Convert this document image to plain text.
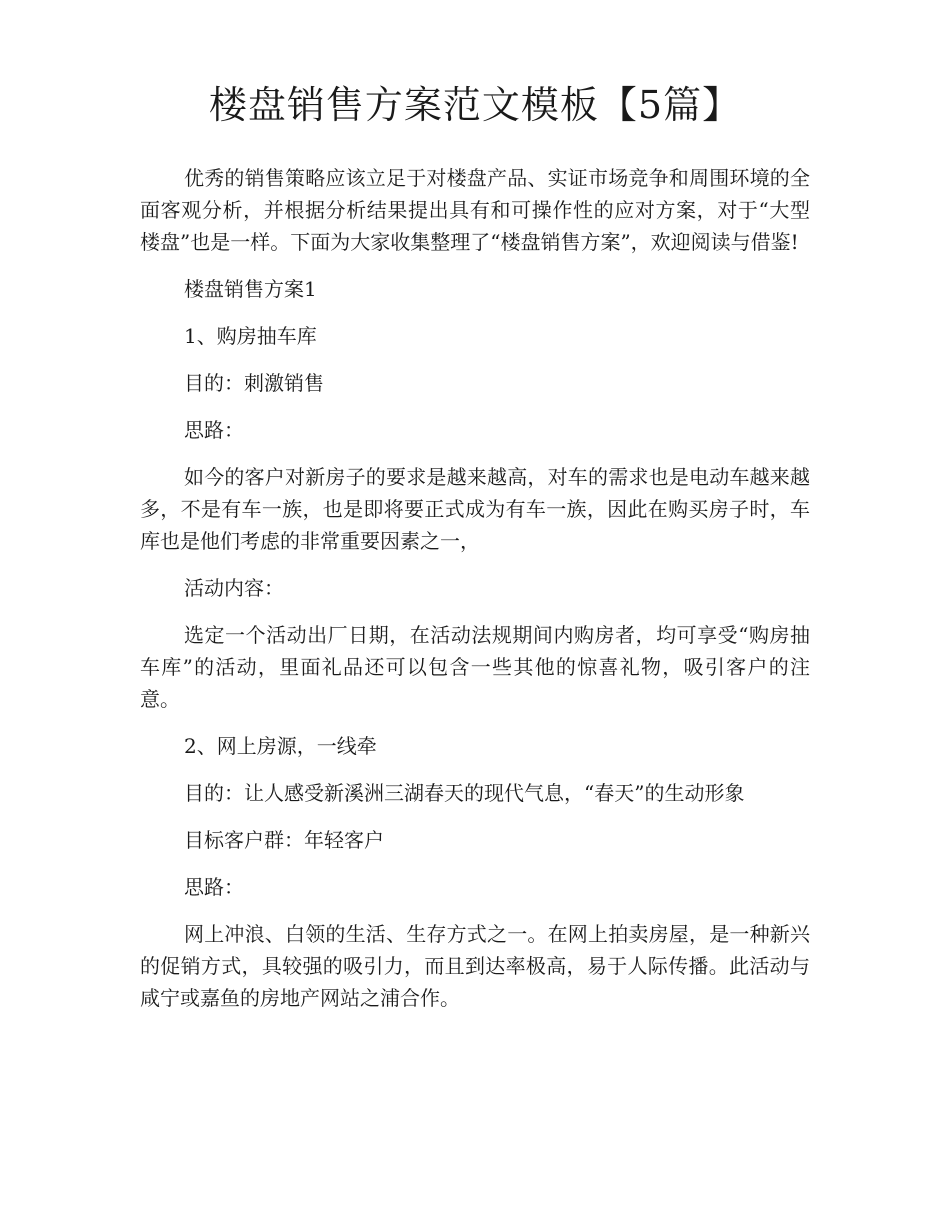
楼盘销售方案范文模板【5篇】

优秀的销售策略应该立足于对楼盘产品、实证市场竞争和周围环境的全面客观分析，并根据分析结果提出具有和可操作性的应对方案，对于“大型楼盘”也是一样。下面为大家收集整理了“楼盘销售方案”，欢迎阅读与借鉴!

楼盘销售方案1

1、购房抽车库

目的：刺激销售

思路：

如今的客户对新房子的要求是越来越高，对车的需求也是电动车越来越多，不是有车一族，也是即将要正式成为有车一族，因此在购买房子时，车库也是他们考虑的非常重要因素之一，

活动内容：

选定一个活动出厂日期，在活动法规期间内购房者，均可享受“购房抽车库”的活动，里面礼品还可以包含一些其他的惊喜礼物，吸引客户的注意。

2、网上房源，一线牵

目的：让人感受新溪洲三湖春天的现代气息，“春天”的生动形象

目标客户群：年轻客户

思路：

网上冲浪、白领的生活、生存方式之一。在网上拍卖房屋，是一种新兴的促销方式，具较强的吸引力，而且到达率极高，易于人际传播。此活动与咸宁或嘉鱼的房地产网站之浦合作。
